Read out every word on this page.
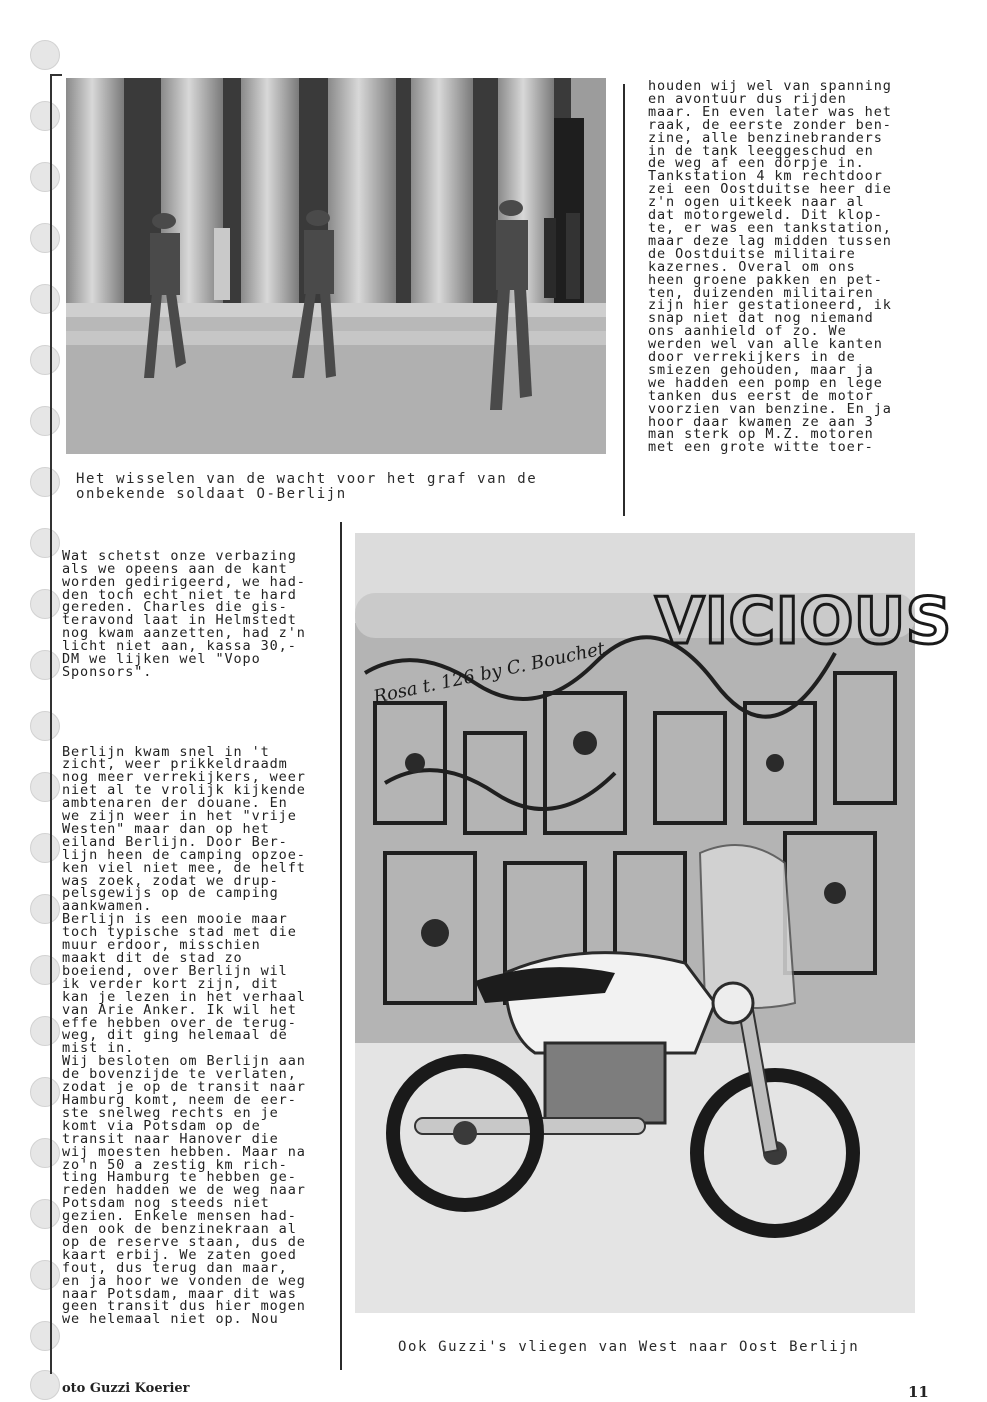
Het wisselen van de wacht voor het graf van de
onbekende soldaat O-Berlijn

houden wij wel van spanning

en avontuur dus rijden

maar. En even later was het

raak, de eerste zonder ben-

zine, alle benzinebranders

in de tank leeggeschud en

de weg af een dorpje in.

Tankstation 4 km rechtdoor

zei een Oostduitse heer die

z'n ogen uitkeek naar al

dat motorgeweld. Dit klop-

te, er was een tankstation,

maar deze lag midden tussen

de Oostduitse militaire

kazernes. Overal om ons

heen groene pakken en pet-

ten, duizenden militairen

zijn hier gestationeerd, ik

snap niet dat nog niemand

ons aanhield of zo. We

werden wel van alle kanten

door verrekijkers in de

smiezen gehouden, maar ja

we hadden een pomp en lege

tanken dus eerst de motor

voorzien van benzine. En ja

hoor daar kwamen ze aan 3

man sterk op M.Z. motoren

met een grote witte toer-

Wat schetst onze verbazing

als we opeens aan de kant

worden gedirigeerd, we had-

den toch echt niet te hard

gereden. Charles die gis-

teravond laat in Helmstedt

nog kwam aanzetten, had z'n

licht niet aan, kassa 30,-

DM we lijken wel "Vopo

Sponsors".

Berlijn kwam snel in 't

zicht, weer prikkeldraadm

nog meer verrekijkers, weer

niet al te vrolijk kijkende

ambtenaren der douane. En

we zijn weer in het "vrije

Westen" maar dan op het

eiland Berlijn. Door Ber-

lijn heen de camping opzoe-

ken viel niet mee, de helft

was zoek, zodat we drup-

pelsgewijs op de camping

aankwamen.

Berlijn is een mooie maar

toch typische stad met die

muur erdoor, misschien

maakt dit de stad zo

boeiend, over Berlijn wil

ik verder kort zijn, dit

kan je lezen in het verhaal

van Arie Anker. Ik wil het

effe hebben over de terug-

weg, dit ging helemaal de

mist in.

Wij besloten om Berlijn aan

de bovenzijde te verlaten,

zodat je op de transit naar

Hamburg komt, neem de eer-

ste snelweg rechts en je

komt via Potsdam op de

transit naar Hanover die

wij moesten hebben. Maar na

zo'n 50 a zestig km rich-

ting Hamburg te hebben ge-

reden hadden we de weg naar

Potsdam nog steeds niet

gezien. Enkele mensen had-

den ook de benzinekraan al

op de reserve staan, dus de

kaart erbij. We zaten goed

fout, dus terug dan maar,

en ja hoor we vonden de weg

naar Potsdam, maar dit was

geen transit dus hier mogen

we helemaal niet op. Nou

VICIOUS
Rosa t. 126 by C. Bouchet

Ook Guzzi's vliegen van West naar Oost Berlijn

oto Guzzi Koerier	11
